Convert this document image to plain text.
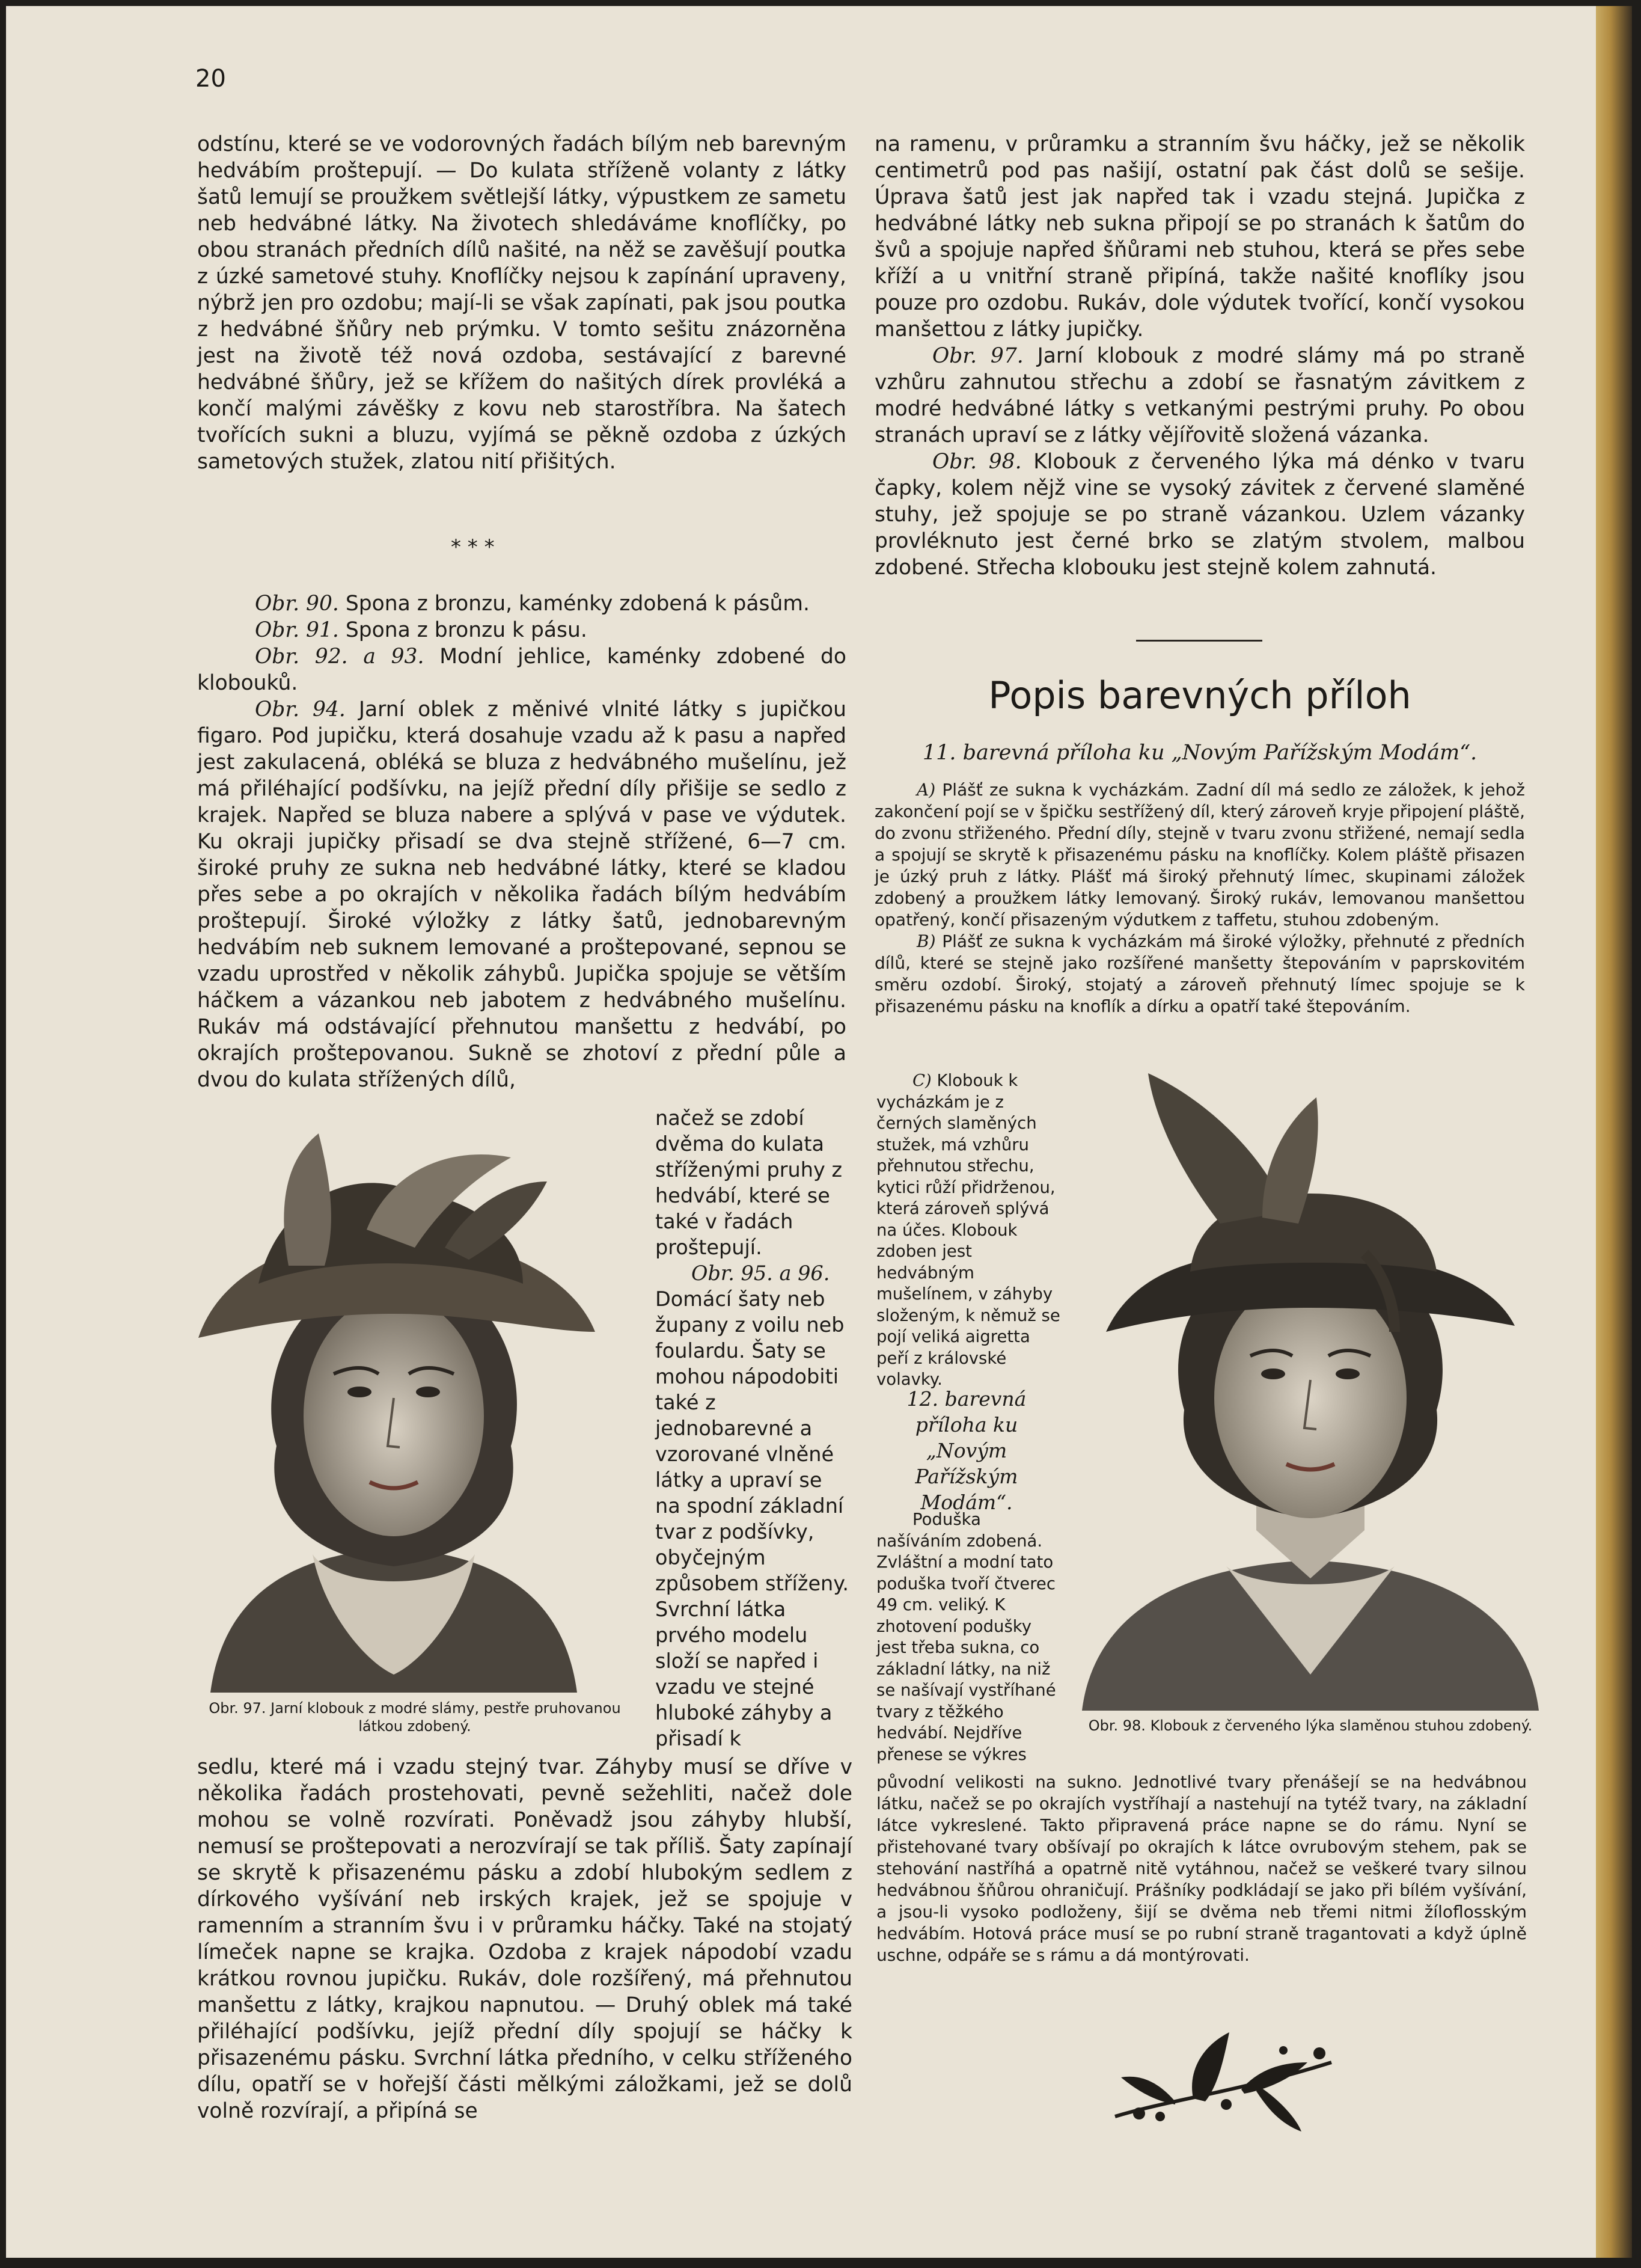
20

odstínu, které se ve vodorovných řadách bílým neb barevným hedvábím proštepují. — Do kulata stříženě volanty z látky šatů lemují se proužkem světlejší látky, výpustkem ze sametu neb hedvábné látky. Na životech shledáváme knoflíčky, po obou stranách předních dílů našité, na něž se zavěšují poutka z úzké sametové stuhy. Knoflíčky nejsou k zapínání upraveny, nýbrž jen pro ozdobu; mají-li se však zapínati, pak jsou poutka z hedvábné šňůry neb prýmku. V tomto sešitu znázorněna jest na životě též nová ozdoba, sestávající z barevné hedvábné šňůry, jež se křížem do našitých dírek provléká a končí malými závěšky z kovu neb starostříbra. Na šatech tvořících sukni a bluzu, vyjímá se pěkně ozdoba z úzkých sametových stužek, zlatou nití přišitých.

* * *

Obr. 90. Spona z bronzu, kaménky zdobená k pásům.

Obr. 91. Spona z bronzu k pásu.

Obr. 92. a 93. Modní jehlice, kaménky zdobené do klobouků.

Obr. 94. Jarní oblek z měnivé vlnité látky s jupičkou figaro. Pod jupičku, která dosahuje vzadu až k pasu a napřed jest zakulacená, obléká se bluza z hedvábného mušelínu, jež má přiléhající podšívku, na jejíž přední díly přišije se sedlo z krajek. Napřed se bluza nabere a splývá v pase ve výdutek. Ku okraji jupičky přisadí se dva stejně střížené, 6—7 cm. široké pruhy ze sukna neb hedvábné látky, které se kladou přes sebe a po okrajích v několika řadách bílým hedvábím proštepují. Široké výložky z látky šatů, jednobarevným hedvábím neb suknem lemované a proštepované, sepnou se vzadu uprostřed v několik záhybů. Jupička spojuje se větším háčkem a vázankou neb jabotem z hedvábného mušelínu. Rukáv má odstávající přehnutou manšettu z hedvábí, po okrajích proštepovanou. Sukně se zhotoví z přední půle a dvou do kulata střížených dílů,

načež se zdobí dvěma do kulata stříženými pruhy z hedvábí, které se také v řadách proštepují.

Obr. 95. a 96. Domácí šaty neb župany z voilu neb foulardu. Šaty se mohou nápodobiti také z jednobarevné a vzorované vlněné látky a upraví se na spodní základní tvar z podšívky, obyčejným způsobem stříženy. Svrchní látka prvého modelu složí se napřed i vzadu ve stejné hluboké záhyby a přisadí k

Obr. 97. Jarní klobouk z modré slámy, pestře pruhovanou látkou zdobený.

sedlu, které má i vzadu stejný tvar. Záhyby musí se dříve v několika řadách prostehovati, pevně sežehliti, načež dole mohou se volně rozvírati. Poněvadž jsou záhyby hlubší, nemusí se proštepovati a nerozvírají se tak příliš. Šaty zapínají se skrytě k přisazenému pásku a zdobí hlubokým sedlem z dírkového vyšívání neb irských krajek, jež se spojuje v ramenním a stranním švu i v průramku háčky. Také na stojatý límeček napne se krajka. Ozdoba z krajek nápodobí vzadu krátkou rovnou jupičku. Rukáv, dole rozšířený, má přehnutou manšettu z látky, krajkou napnutou. — Druhý oblek má také přiléhající podšívku, jejíž přední díly spojují se háčky k přisazenému pásku. Svrchní látka předního, v celku stříženého dílu, opatří se v hořejší části mělkými záložkami, jež se dolů volně rozvírají, a připíná se

na ramenu, v průramku a stranním švu háčky, jež se několik centimetrů pod pas našijí, ostatní pak část dolů se sešije. Úprava šatů jest jak napřed tak i vzadu stejná. Jupička z hedvábné látky neb sukna připojí se po stranách k šatům do švů a spojuje napřed šňůrami neb stuhou, která se přes sebe kříží a u vnitřní straně připíná, takže našité knoflíky jsou pouze pro ozdobu. Rukáv, dole výdutek tvořící, končí vysokou manšettou z látky jupičky.

Obr. 97. Jarní klobouk z modré slámy má po straně vzhůru zahnutou střechu a zdobí se řasnatým závitkem z modré hedvábné látky s vetkanými pestrými pruhy. Po obou stranách upraví se z látky vějířovitě složená vázanka.

Obr. 98. Klobouk z červeného lýka má dénko v tvaru čapky, kolem nějž vine se vysoký závitek z červené slaměné stuhy, jež spojuje se po straně vázankou. Uzlem vázanky provléknuto jest černé brko se zlatým stvolem, malbou zdobené. Střecha klobouku jest stejně kolem zahnutá.

Popis barevných příloh
11. barevná příloha ku „Novým Pařížským Modám“.

A) Plášť ze sukna k vycházkám. Zadní díl má sedlo ze záložek, k jehož zakončení pojí se v špičku sestřížený díl, který zároveň kryje připojení pláště, do zvonu střiženého. Přední díly, stejně v tvaru zvonu střižené, nemají sedla a spojují se skrytě k přisazenému pásku na knoflíčky. Kolem pláště přisazen je úzký pruh z látky. Plášť má široký přehnutý límec, skupinami záložek zdobený a proužkem látky lemovaný. Široký rukáv, lemovanou manšettou opatřený, končí přisazeným výdutkem z taffetu, stuhou zdobeným.

B) Plášť ze sukna k vycházkám má široké výložky, přehnuté z předních dílů, které se stejně jako rozšířené manšetty štepováním v paprskovitém směru ozdobí. Široký, stojatý a zároveň přehnutý límec spojuje se k přisazenému pásku na knoflík a dírku a opatří také štepováním.

C) Klobouk k vycházkám je z černých slaměných stužek, má vzhůru přehnutou střechu, kytici růží přidrženou, která zároveň splývá na účes. Klobouk zdoben jest hedvábným mušelínem, v záhyby složeným, k němuž se pojí veliká aigretta peří z královské volavky.

12. barevná příloha ku „Novým Pařížským Modám“.

Poduška našíváním zdobená. Zvláštní a modní tato poduška tvoří čtverec 49 cm. veliký. K zhotovení podušky jest třeba sukna, co základní látky, na niž se našívají vystříhané tvary z těžkého hedvábí. Nejdříve přenese se výkres

Obr. 98. Klobouk z červeného lýka slaměnou stuhou zdobený.

původní velikosti na sukno. Jednotlivé tvary přenášejí se na hedvábnou látku, načež se po okrajích vystříhají a nastehují na tytéž tvary, na základní látce vykreslené. Takto připravená práce napne se do rámu. Nyní se přistehované tvary obšívají po okrajích k látce ovrubovým stehem, pak se stehování nastříhá a opatrně nitě vytáhnou, načež se veškeré tvary silnou hedvábnou šňůrou ohraničují. Prášníky podkládají se jako při bílém vyšívání, a jsou-li vysoko podloženy, šijí se dvěma neb třemi nitmi žíloflosským hedvábím. Hotová práce musí se po rubní straně tragantovati a když úplně uschne, odpáře se s rámu a dá montýrovati.
